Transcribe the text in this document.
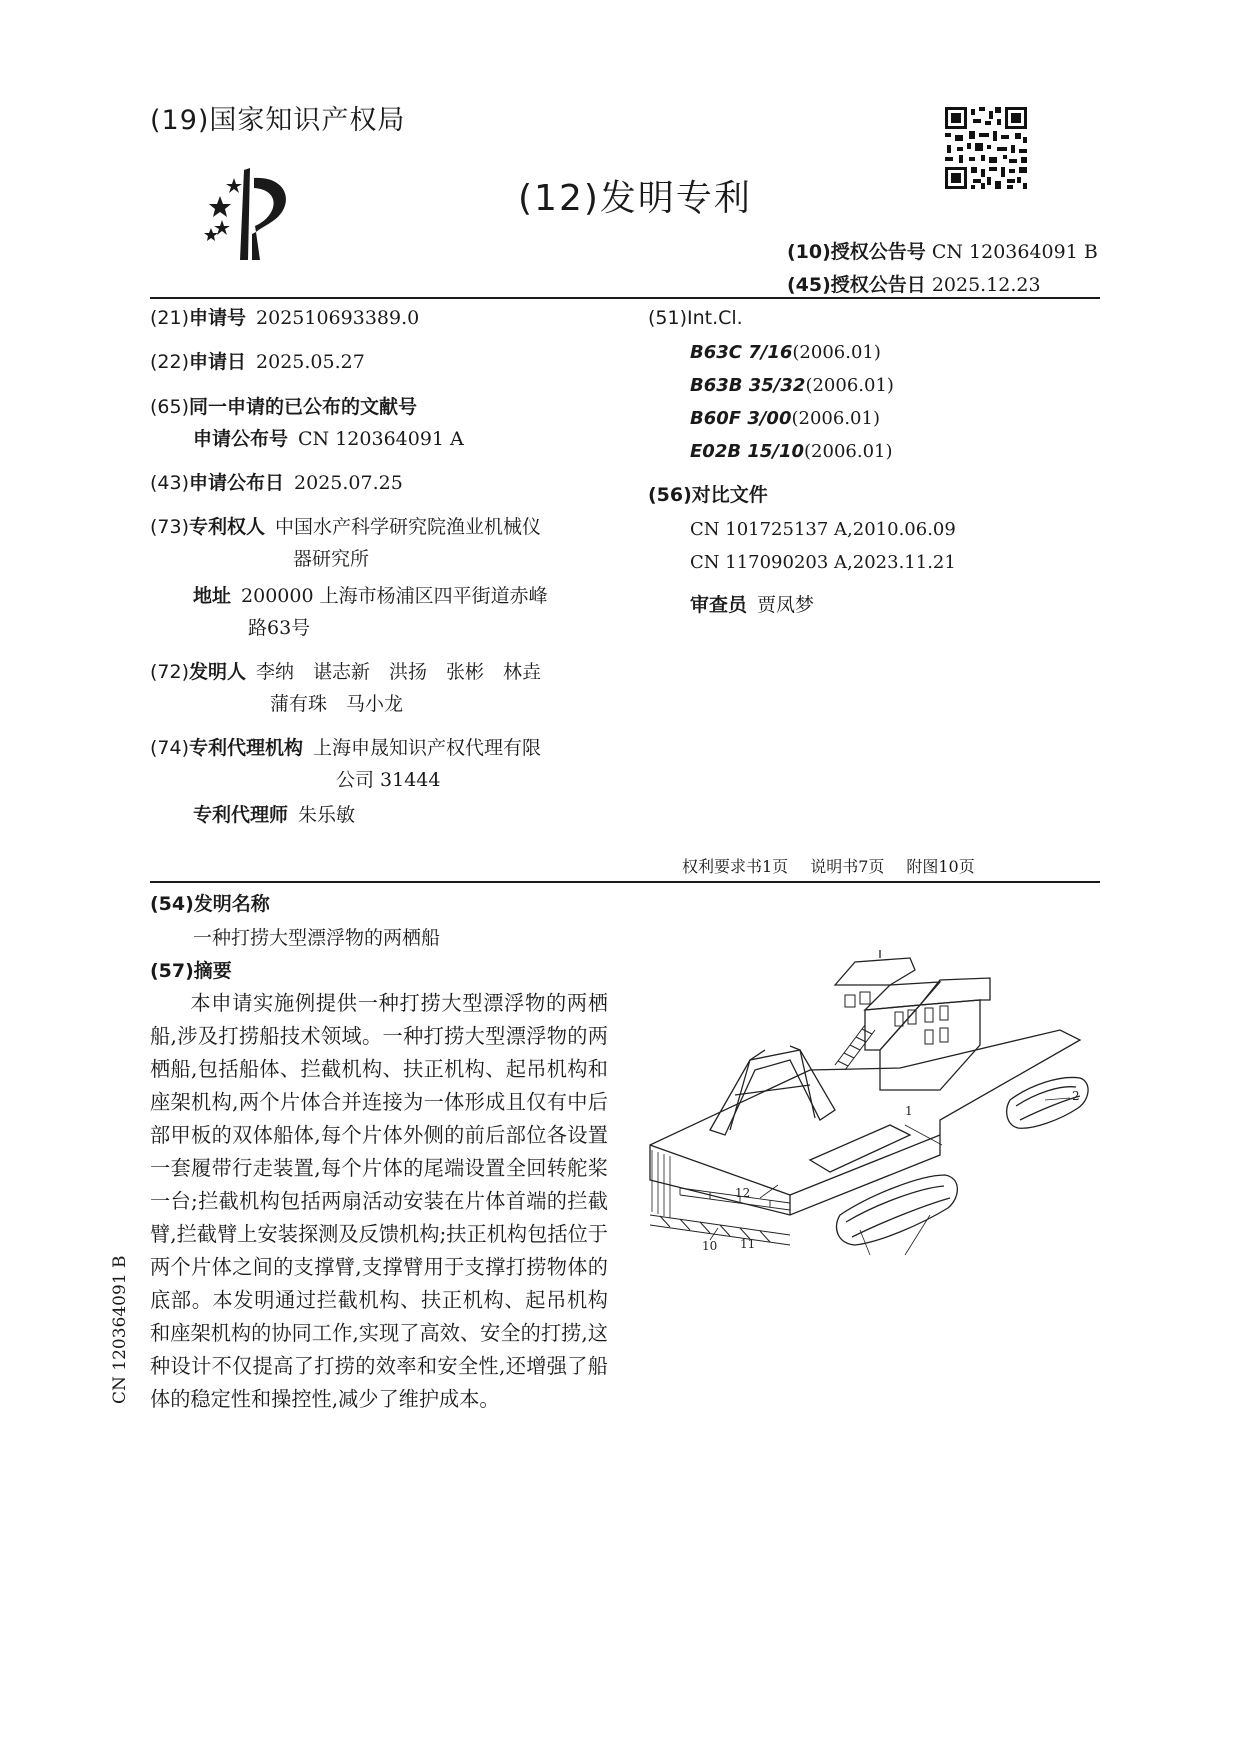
(19)国家知识产权局
(12)发明专利
(10)授权公告号 CN 120364091 B
(45)授权公告日 2025.12.23
(21)申请号 202510693389.0
(22)申请日 2025.05.27
(65)同一申请的已公布的文献号
申请公布号 CN 120364091 A
(43)申请公布日 2025.07.25
(73)专利权人 中国水产科学研究院渔业机械仪
器研究所
地址 200000 上海市杨浦区四平街道赤峰
路63号
(72)发明人 李纳　谌志新　洪扬　张彬　林垚
蒲有珠　马小龙
(74)专利代理机构 上海申晟知识产权代理有限
公司 31444
专利代理师 朱乐敏
(51)Int.Cl.
B63C 7/16(2006.01)
B63B 35/32(2006.01)
B60F 3/00(2006.01)
E02B 15/10(2006.01)
(56)对比文件
CN 101725137 A,2010.06.09
CN 117090203 A,2023.11.21
审查员 贾凤梦
权利要求书1页 说明书7页 附图10页
(54)发明名称
一种打捞大型漂浮物的两栖船
(57)摘要
本申请实施例提供一种打捞大型漂浮物的两栖船,涉及打捞船技术领域。一种打捞大型漂浮物的两栖船,包括船体、拦截机构、扶正机构、起吊机构和座架机构,两个片体合并连接为一体形成且仅有中后部甲板的双体船体,每个片体外侧的前后部位各设置一套履带行走装置,每个片体的尾端设置全回转舵桨一台;拦截机构包括两扇活动安装在片体首端的拦截臂,拦截臂上安装探测及反馈机构;扶正机构包括位于两个片体之间的支撑臂,支撑臂用于支撑打捞物体的底部。本发明通过拦截机构、扶正机构、起吊机构和座架机构的协同工作,实现了高效、安全的打捞,这种设计不仅提高了打捞的效率和安全性,还增强了船体的稳定性和操控性,减少了维护成本。
1
2
10 11
12
CN 120364091 B
